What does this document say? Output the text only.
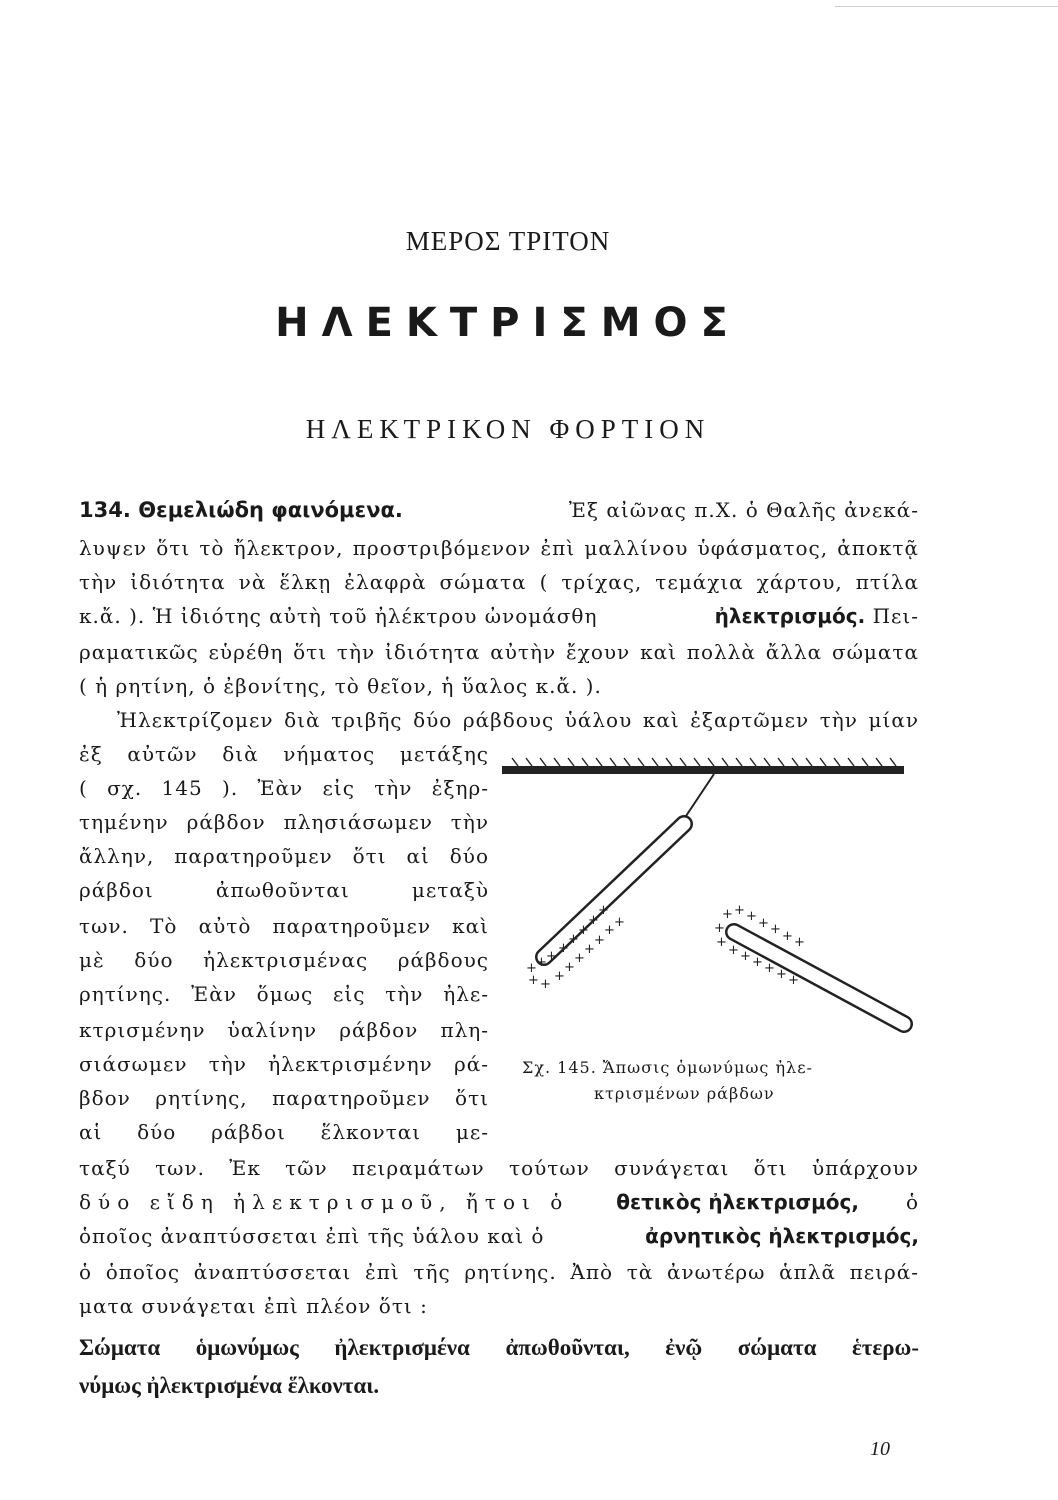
ΜΕΡΟΣ ΤΡΙΤΟΝ
ΗΛΕΚΤΡΙΣΜΟΣ
ΗΛΕΚΤΡΙΚΟΝ ΦΟΡΤΙΟΝ
134. Θεμελιώδη φαινόμενα.	Ἐξ αἰῶνας π.Χ. ὁ Θαλῆς ἀνεκά-
λυψεν ὅτι τὸ ἤλεκτρον, προστριβόμενον ἐπὶ μαλλίνου ὑφάσματος, ἀποκτᾷ
τὴν ἰδιότητα νὰ ἕλκῃ ἐλαφρὰ σώματα ( τρίχας, τεμάχια χάρτου, πτίλα
κ.ἄ. ). Ἡ ἰδιότης αὐτὴ τοῦ ἠλέκτρου ὠνομάσθη	ἠλεκτρισμός. Πει-
ραματικῶς εὑρέθη ὅτι τὴν ἰδιότητα αὐτὴν ἔχουν καὶ πολλὰ ἄλλα σώματα
( ἡ ρητίνη, ὁ ἐβονίτης, τὸ θεῖον, ἡ ὕαλος κ.ἄ. ).
Ἠλεκτρίζομεν διὰ τριβῆς δύο ράβδους ὑάλου καὶ ἐξαρτῶμεν τὴν μίαν
ἐξ αὐτῶν διὰ νήματος μετάξης
( σχ. 145 ). Ἐὰν εἰς τὴν ἐξηρ-
τημένην ράβδον πλησιάσωμεν τὴν
ἄλλην, παρατηροῦμεν ὅτι αἱ δύο
ράβδοι ἀπωθοῦνται μεταξὺ
των. Τὸ αὐτὸ παρατηροῦμεν καὶ
μὲ δύο ἠλεκτρισμένας ράβδους
ρητίνης. Ἐὰν ὅμως εἰς τὴν ἠλε-
κτρισμένην ὑαλίνην ράβδον πλη-
σιάσωμεν τὴν ἠλεκτρισμένην ρά-
βδον ρητίνης, παρατηροῦμεν ὅτι
αἱ δύο ράβδοι ἕλκονται με-
+
+
+
+
+
+
+
+
+ +
+
+
+
+
+
+
+
+ + + + + + +
+
+
+ + + + + +
Σχ. 145. Ἄπωσις ὁμωνύμως ἠλε-
κτρισμένων ράβδων
ταξύ των. Ἐκ τῶν πειραμάτων τούτων συνάγεται ὅτι ὑπάρχουν
δύο εἴδη ἠλεκτρισμοῦ, ἤτοι ὁ θετικὸς ἠλεκτρισμός, ὁ
ὁποῖος ἀναπτύσσεται ἐπὶ τῆς ὑάλου καὶ ὁ	ἀρνητικὸς ἠλεκτρισμός,
ὁ ὁποῖος ἀναπτύσσεται ἐπὶ τῆς ρητίνης. Ἀπὸ τὰ ἀνωτέρω ἁπλᾶ πειρά-
ματα συνάγεται ἐπὶ πλέον ὅτι :
Σώματα ὁμωνύμως ἠλεκτρισμένα ἀπωθοῦνται, ἐνῷ σώματα ἑτερω-
νύμως ἠλεκτρισμένα ἕλκονται.
10
